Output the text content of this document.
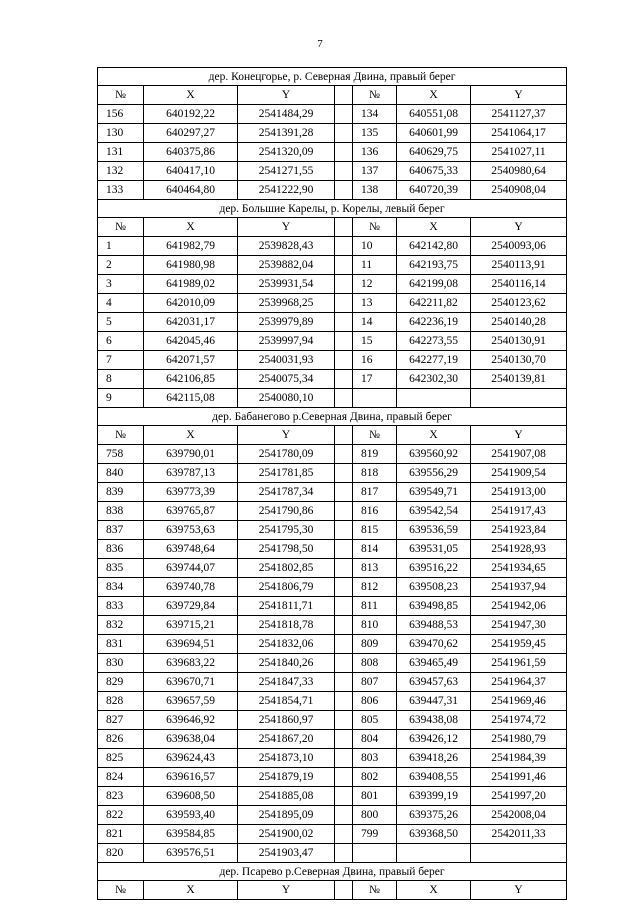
7
дер. Конецгорье, р. Северная Двина, правый берег						
№	X	Y		№	X	Y
156	640192,22	2541484,29		134	640551,08	2541127,37
130	640297,27	2541391,28		135	640601,99	2541064,17
131	640375,86	2541320,09		136	640629,75	2541027,11
132	640417,10	2541271,55		137	640675,33	2540980,64
133	640464,80	2541222,90		138	640720,39	2540908,04
дер. Большие Карелы, р. Корелы, левый берег						
№	X	Y		№	X	Y
1	641982,79	2539828,43		10	642142,80	2540093,06
2	641980,98	2539882,04		11	642193,75	2540113,91
3	641989,02	2539931,54		12	642199,08	2540116,14
4	642010,09	2539968,25		13	642211,82	2540123,62
5	642031,17	2539979,89		14	642236,19	2540140,28
6	642045,46	2539997,94		15	642273,55	2540130,91
7	642071,57	2540031,93		16	642277,19	2540130,70
8	642106,85	2540075,34		17	642302,30	2540139,81
9	642115,08	2540080,10				
дер. Бабанегово р.Северная Двина, правый берег						
№	X	Y		№	X	Y
758	639790,01	2541780,09		819	639560,92	2541907,08
840	639787,13	2541781,85		818	639556,29	2541909,54
839	639773,39	2541787,34		817	639549,71	2541913,00
838	639765,87	2541790,86		816	639542,54	2541917,43
837	639753,63	2541795,30		815	639536,59	2541923,84
836	639748,64	2541798,50		814	639531,05	2541928,93
835	639744,07	2541802,85		813	639516,22	2541934,65
834	639740,78	2541806,79		812	639508,23	2541937,94
833	639729,84	2541811,71		811	639498,85	2541942,06
832	639715,21	2541818,78		810	639488,53	2541947,30
831	639694,51	2541832,06		809	639470,62	2541959,45
830	639683,22	2541840,26		808	639465,49	2541961,59
829	639670,71	2541847,33		807	639457,63	2541964,37
828	639657,59	2541854,71		806	639447,31	2541969,46
827	639646,92	2541860,97		805	639438,08	2541974,72
826	639638,04	2541867,20		804	639426,12	2541980,79
825	639624,43	2541873,10		803	639418,26	2541984,39
824	639616,57	2541879,19		802	639408,55	2541991,46
823	639608,50	2541885,08		801	639399,19	2541997,20
822	639593,40	2541895,09		800	639375,26	2542008,04
821	639584,85	2541900,02		799	639368,50	2542011,33
820	639576,51	2541903,47				
дер. Псарево р.Северная Двина, правый берег						
№	X	Y		№	X	Y
